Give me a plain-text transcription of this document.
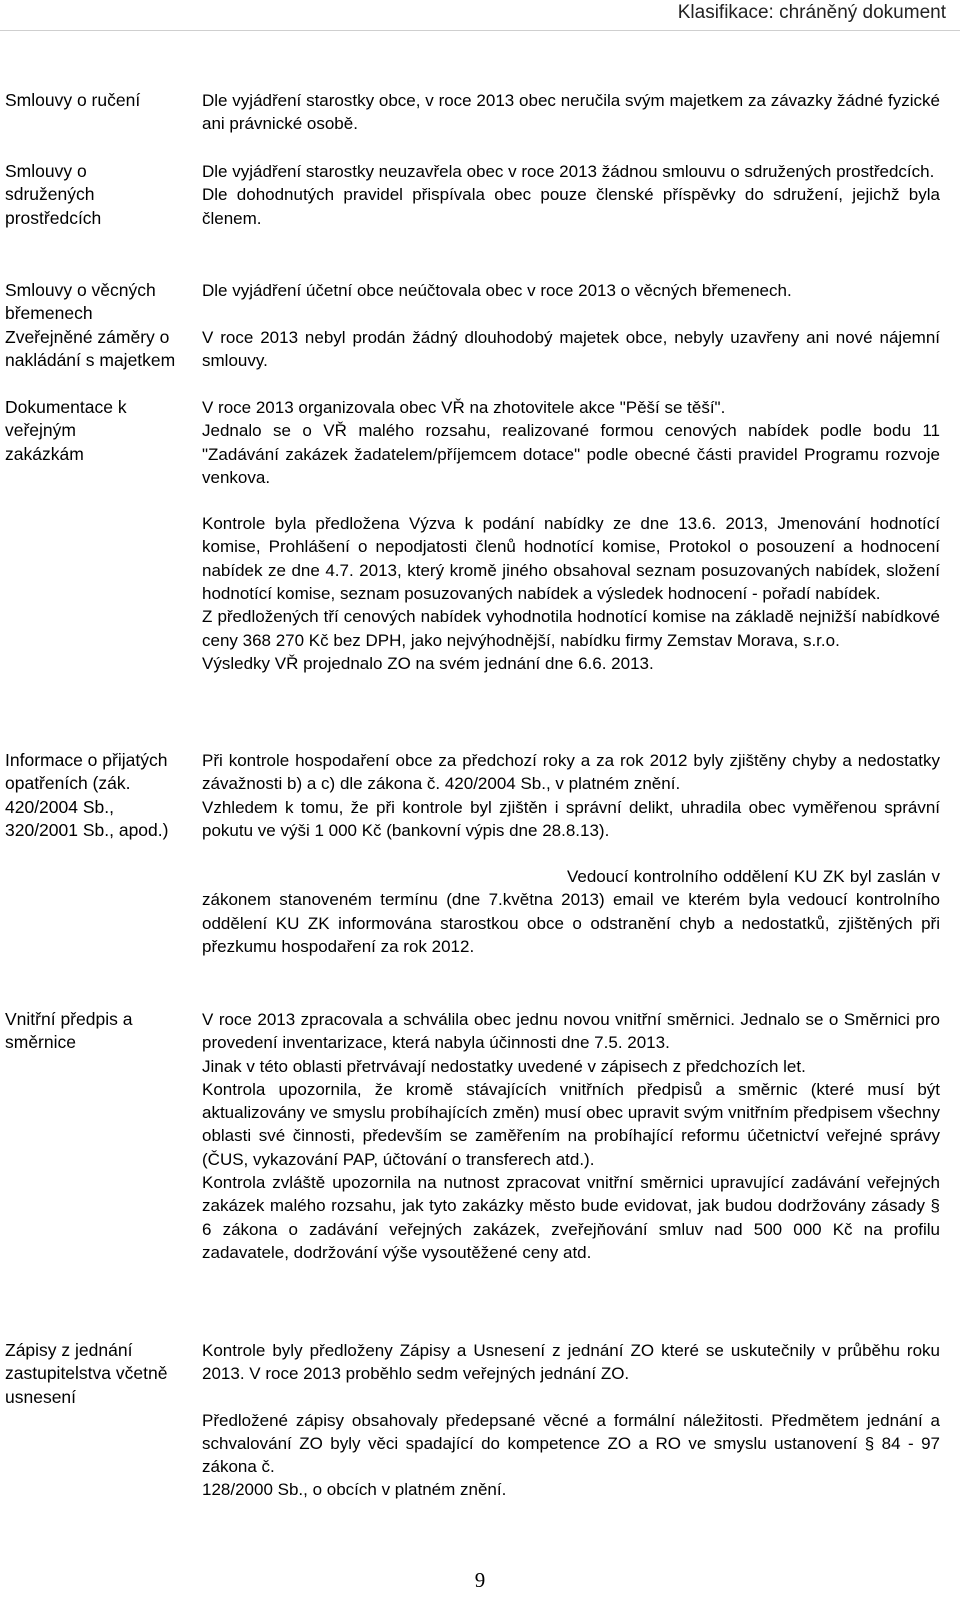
Klasifikace: chráněný dokument
Smlouvy o ručení	Dle vyjádření starostky obce, v roce 2013 obec neručila svým majetkem za závazky žádné fyzické ani právnické osobě.

Smlouvy o sdružených prostředcích

Dle vyjádření starostky neuzavřela obec v roce 2013 žádnou smlouvu o sdružených prostředcích.

Dle dohodnutých pravidel přispívala obec pouze členské příspěvky do sdružení, jejichž byla členem.

Smlouvy o věcných břemenech

Dle vyjádření účetní obce neúčtovala obec v roce 2013 o věcných břemenech.

Zveřejněné záměry o nakládání s majetkem

V roce 2013 nebyl prodán žádný dlouhodobý majetek obce, nebyly uzavřeny ani nové nájemní smlouvy.

Dokumentace k veřejným zakázkám

V roce 2013 organizovala obec VŘ na zhotovitele akce "Pěší se těší".

Jednalo se o VŘ malého rozsahu, realizované formou cenových nabídek podle bodu 11 "Zadávání zakázek žadatelem/příjemcem dotace" podle obecné části pravidel Programu rozvoje venkova.

Kontrole byla předložena Výzva k podání nabídky ze dne 13.6. 2013, Jmenování hodnotící komise, Prohlášení o nepodjatosti členů hodnotící komise, Protokol o posouzení a hodnocení nabídek ze dne 4.7. 2013, který kromě jiného obsahoval seznam posuzovaných nabídek, složení hodnotící komise, seznam posuzovaných nabídek a výsledek hodnocení - pořadí nabídek.

Z předložených tří cenových nabídek vyhodnotila hodnotící komise na základě nejnižší nabídkové ceny 368 270 Kč bez DPH, jako nejvýhodnější, nabídku firmy Zemstav Morava, s.r.o.

Výsledky VŘ projednalo ZO na svém jednání dne 6.6. 2013.

Informace o přijatých opatřeních (zák. 420/2004 Sb., 320/2001 Sb., apod.)

Při kontrole hospodaření obce za předchozí roky a za rok 2012 byly zjištěny chyby a nedostatky závažnosti b) a c) dle zákona č. 420/2004 Sb., v platném znění.

Vzhledem k tomu, že při kontrole byl zjištěn i správní delikt, uhradila obec vyměřenou správní pokutu ve výši 1 000 Kč (bankovní výpis dne 28.8.13).

Vedoucí kontrolního oddělení KU ZK byl zaslán v zákonem stanoveném termínu (dne 7.května 2013) email ve kterém byla vedoucí kontrolního oddělení KU ZK informována starostkou obce o odstranění chyb a nedostatků, zjištěných při přezkumu hospodaření za rok 2012.

Vnitřní předpis a směrnice

V roce 2013 zpracovala a schválila obec jednu novou vnitřní směrnici. Jednalo se o Směrnici pro provedení inventarizace, která nabyla účinnosti dne 7.5. 2013.

Jinak v této oblasti přetrvávají nedostatky uvedené v zápisech z předchozích let.

Kontrola upozornila, že kromě stávajících vnitřních předpisů a směrnic (které musí být aktualizovány ve smyslu probíhajících změn) musí obec upravit svým vnitřním předpisem všechny oblasti své činnosti, především se zaměřením na probíhající reformu účetnictví veřejné správy (ČUS, vykazování PAP, účtování o transferech atd.).

Kontrola zvláště upozornila na nutnost zpracovat vnitřní směrnici upravující zadávání veřejných zakázek malého rozsahu, jak tyto zakázky město bude evidovat, jak budou dodržovány zásady § 6 zákona o zadávání veřejných zakázek, zveřejňování smluv nad 500 000 Kč na profilu zadavatele, dodržování výše vysoutěžené ceny atd.

Zápisy z jednání zastupitelstva včetně usnesení

Kontrole byly předloženy Zápisy a Usnesení z jednání ZO které se uskutečnily v průběhu roku 2013. V roce 2013 proběhlo sedm veřejných jednání ZO.

Předložené zápisy obsahovaly předepsané věcné a formální náležitosti. Předmětem jednání a schvalování ZO byly věci spadající do kompetence ZO a RO ve smyslu ustanovení § 84 - 97 zákona č.

128/2000 Sb., o obcích v platném znění.

9
